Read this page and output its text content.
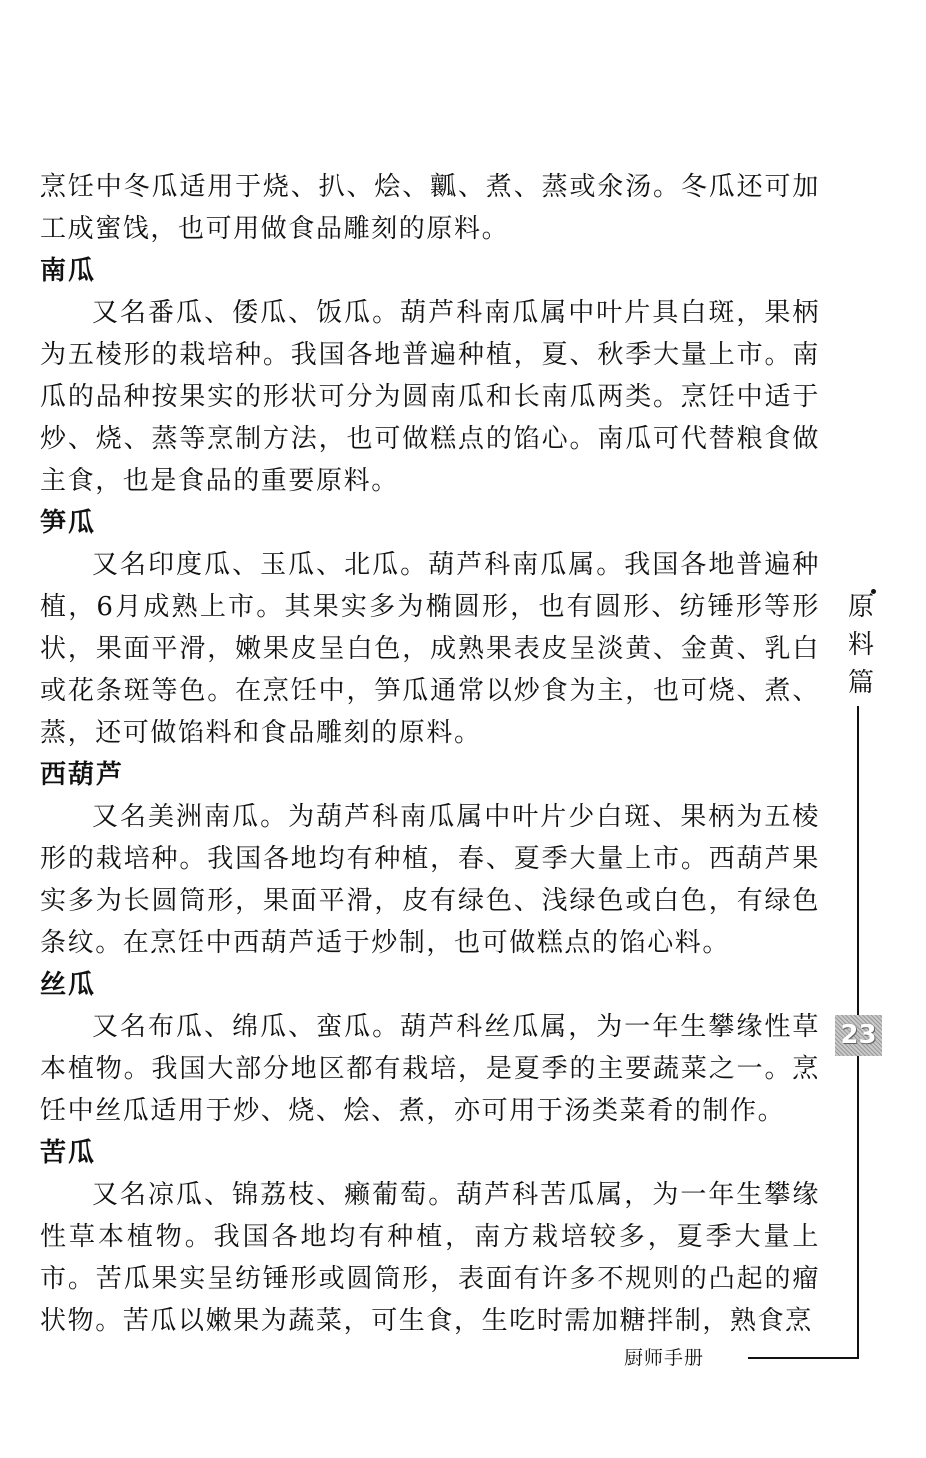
烹饪中冬瓜适用于烧、扒、烩、瓤、煮、蒸或氽汤。冬瓜还可加工成蜜饯，也可用做食品雕刻的原料。

南瓜

又名番瓜、倭瓜、饭瓜。葫芦科南瓜属中叶片具白斑，果柄为五棱形的栽培种。我国各地普遍种植，夏、秋季大量上市。南瓜的品种按果实的形状可分为圆南瓜和长南瓜两类。烹饪中适于炒、烧、蒸等烹制方法，也可做糕点的馅心。南瓜可代替粮食做主食，也是食品的重要原料。

笋瓜

又名印度瓜、玉瓜、北瓜。葫芦科南瓜属。我国各地普遍种植，6月成熟上市。其果实多为椭圆形，也有圆形、纺锤形等形状，果面平滑，嫩果皮呈白色，成熟果表皮呈淡黄、金黄、乳白或花条斑等色。在烹饪中，笋瓜通常以炒食为主，也可烧、煮、蒸，还可做馅料和食品雕刻的原料。

西葫芦

又名美洲南瓜。为葫芦科南瓜属中叶片少白斑、果柄为五棱形的栽培种。我国各地均有种植，春、夏季大量上市。西葫芦果实多为长圆筒形，果面平滑，皮有绿色、浅绿色或白色，有绿色条纹。在烹饪中西葫芦适于炒制，也可做糕点的馅心料。

丝瓜

又名布瓜、绵瓜、蛮瓜。葫芦科丝瓜属，为一年生攀缘性草本植物。我国大部分地区都有栽培，是夏季的主要蔬菜之一。烹饪中丝瓜适用于炒、烧、烩、煮，亦可用于汤类菜肴的制作。

苦瓜

又名凉瓜、锦荔枝、癞葡萄。葫芦科苦瓜属，为一年生攀缘性草本植物。我国各地均有种植，南方栽培较多，夏季大量上市。苦瓜果实呈纺锤形或圆筒形，表面有许多不规则的凸起的瘤状物。苦瓜以嫩果为蔬菜，可生食，生吃时需加糖拌制，熟食烹

原
料
篇
23
厨师手册
